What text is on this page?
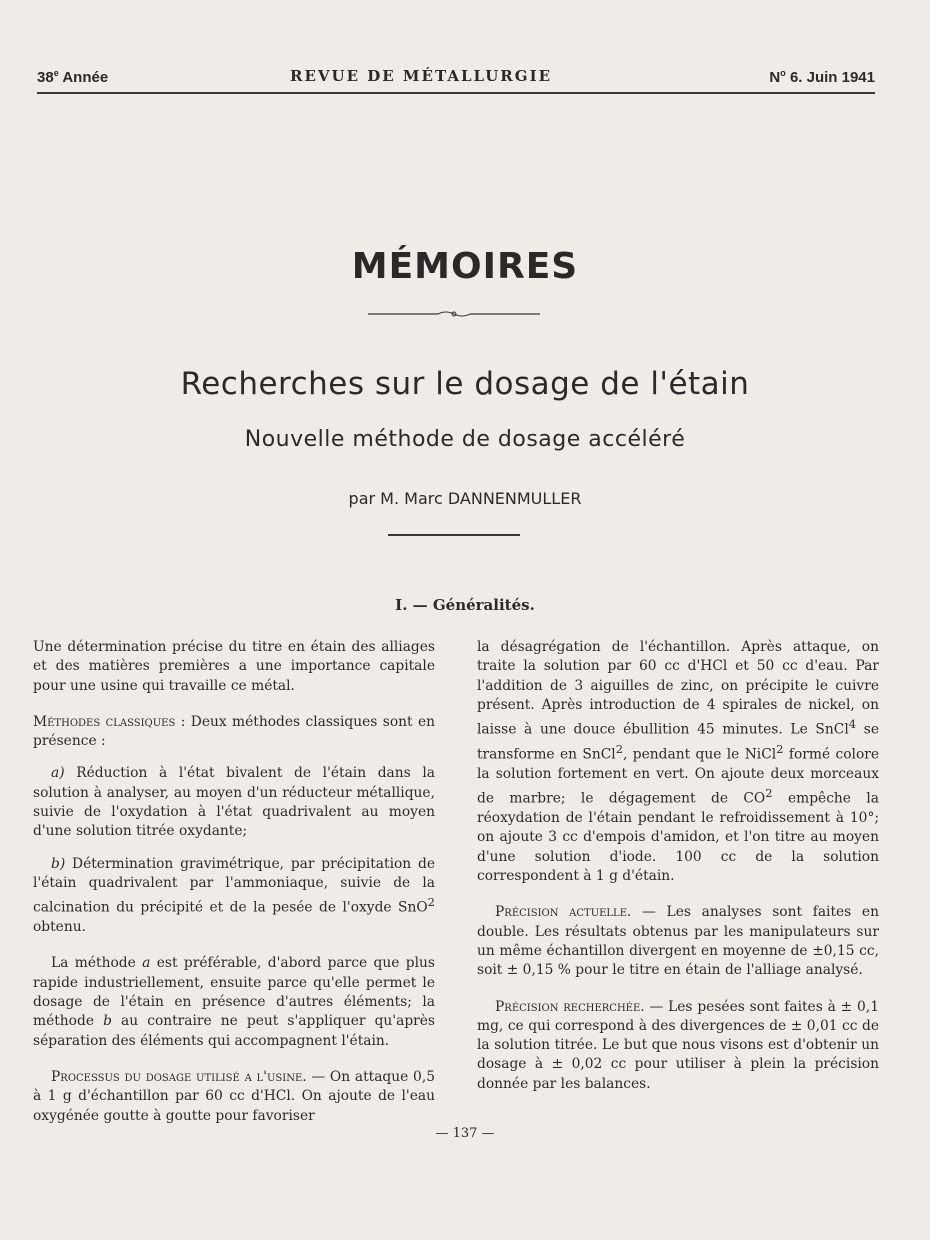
38e Année	REVUE DE MÉTALLURGIE	$N^o$ 6. Juin 1941
MÉMOIRES
Recherches sur le dosage de l'étain
Nouvelle méthode de dosage accéléré
par M. Marc DANNENMULLER
I. — Généralités.

Une détermination précise du titre en étain des alliages et des matières premières a une importance capitale pour une usine qui travaille ce métal.

Méthodes classiques : Deux méthodes classiques sont en présence :

a) Réduction à l'état bivalent de l'étain dans la solution à analyser, au moyen d'un réducteur métallique, suivie de l'oxydation à l'état quadrivalent au moyen d'une solution titrée oxydante;

b) Détermination gravimétrique, par précipitation de l'étain quadrivalent par l'ammoniaque, suivie de la calcination du précipité et de la pesée de l'oxyde SnO$^2$ obtenu.

La méthode a est préférable, d'abord parce que plus rapide industriellement, ensuite parce qu'elle permet le dosage de l'étain en présence d'autres éléments; la méthode b au contraire ne peut s'appliquer qu'après séparation des éléments qui accompagnent l'étain.

Processus du dosage utilisé a l'usine. — On attaque 0,5 à 1 g d'échantillon par 60 cc d'HCl. On ajoute de l'eau oxygénée goutte à goutte pour favoriser

la désagrégation de l'échantillon. Après attaque, on traite la solution par 60 cc d'HCl et 50 cc d'eau. Par l'addition de 3 aiguilles de zinc, on précipite le cuivre présent. Après introduction de 4 spirales de nickel, on laisse à une douce ébullition 45 minutes. Le SnCl$^4$ se transforme en SnCl$^2$, pendant que le NiCl$^2$ formé colore la solution fortement en vert. On ajoute deux morceaux de marbre; le dégagement de $CO^2$ empêche la réoxydation de l'étain pendant le refroidissement à 10°; on ajoute 3 cc d'empois d'amidon, et l'on titre au moyen d'une solution d'iode. 100 cc de la solution correspondent à 1 g d'étain.

Précision actuelle. — Les analyses sont faites en double. Les résultats obtenus par les manipulateurs sur un même échantillon divergent en moyenne de ±0,15 cc, soit ± 0,15 % pour le titre en étain de l'alliage analysé.

Précision recherchée. — Les pesées sont faites à ± 0,1 mg, ce qui correspond à des divergences de ± 0,01 cc de la solution titrée. Le but que nous visons est d'obtenir un dosage à ± 0,02 cc pour utiliser à plein la précision donnée par les balances.

— 137 —
